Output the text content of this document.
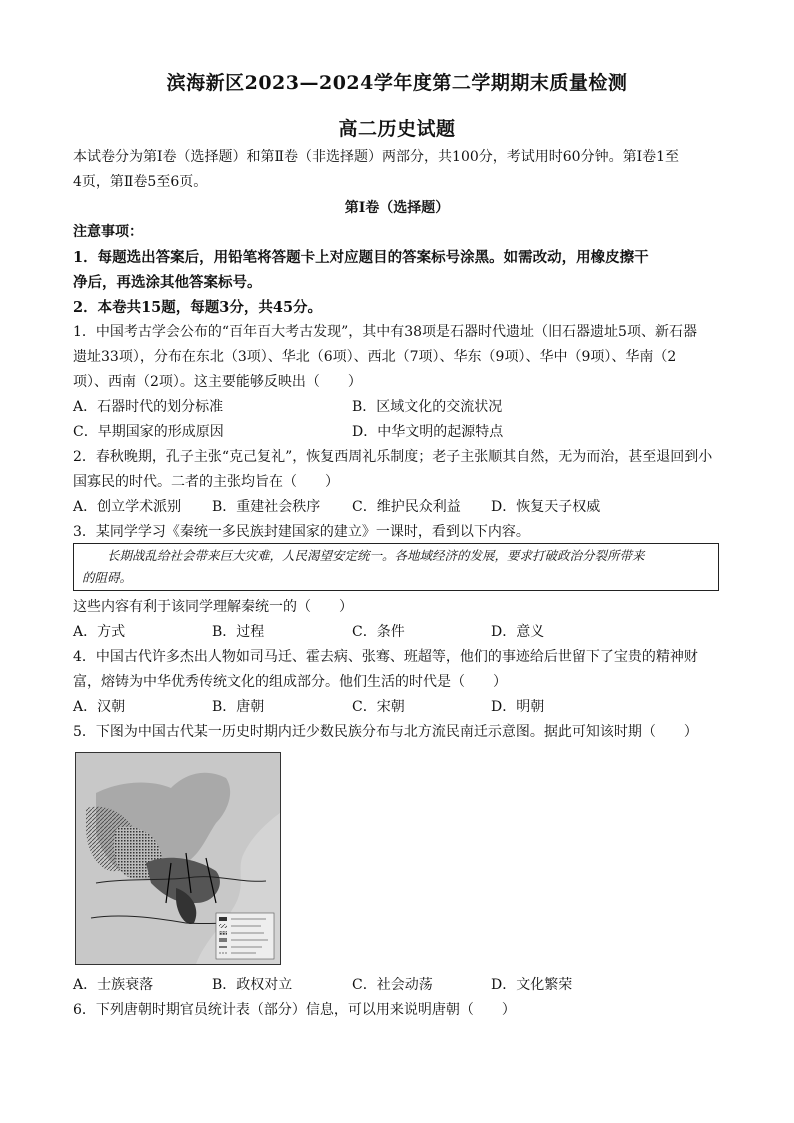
滨海新区2023—2024学年度第二学期期末质量检测
高二历史试题
本试卷分为第Ⅰ卷（选择题）和第Ⅱ卷（非选择题）两部分，共100分，考试用时60分钟。第Ⅰ卷1至
4页，第Ⅱ卷5至6页。
第Ⅰ卷（选择题）
注意事项：
1．每题选出答案后，用铅笔将答题卡上对应题目的答案标号涂黑。如需改动，用橡皮擦干
净后，再选涂其他答案标号。
2．本卷共15题，每题3分，共45分。
1．中国考古学会公布的“百年百大考古发现”，其中有38项是石器时代遗址（旧石器遗址5项、新石器
遗址33项），分布在东北（3项）、华北（6项）、西北（7项）、华东（9项）、华中（9项）、华南（2
项）、西南（2项）。这主要能够反映出（　　）
A．石器时代的划分标准	B．区域文化的交流状况
C．早期国家的形成原因	D．中华文明的起源特点
2．春秋晚期，孔子主张“克己复礼”，恢复西周礼乐制度；老子主张顺其自然，无为而治，甚至退回到小
国寡民的时代。二者的主张均旨在（　　）
A．创立学术派别 B．重建社会秩序 C．维护民众利益 D．恢复天子权威
3．某同学学习《秦统一多民族封建国家的建立》一课时，看到以下内容。
长期战乱给社会带来巨大灾难，人民渴望安定统一。各地域经济的发展，要求打破政治分裂所带来
的阻碍。
这些内容有利于该同学理解秦统一的（　　）
A．方式	B．过程	C．条件	D．意义
4．中国古代许多杰出人物如司马迁、霍去病、张骞、班超等，他们的事迹给后世留下了宝贵的精神财
富，熔铸为中华优秀传统文化的组成部分。他们生活的时代是（　　）
A．汉朝	B．唐朝	C．宋朝	D．明朝
5．下图为中国古代某一历史时期内迁少数民族分布与北方流民南迁示意图。据此可知该时期（　　）
A．士族衰落	B．政权对立	C．社会动荡	D．文化繁荣
6．下列唐朝时期官员统计表（部分）信息，可以用来说明唐朝（　　）
